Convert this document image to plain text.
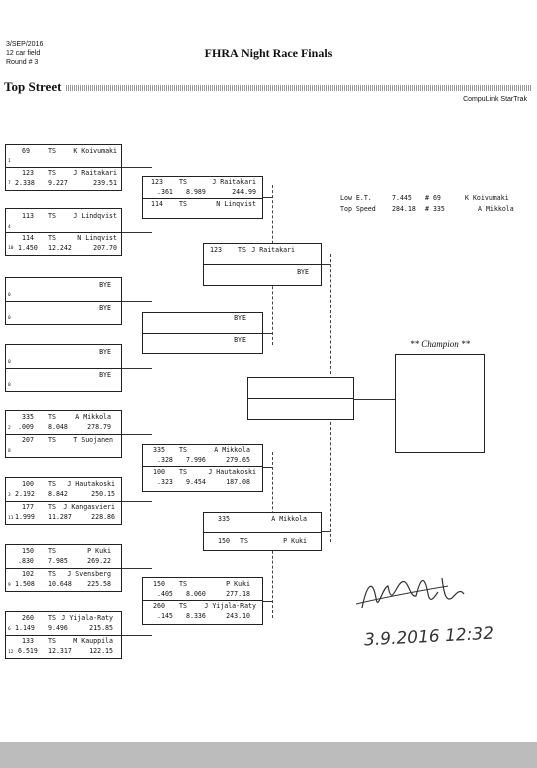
3/SEP/2016
12 car field
Round # 3
FHRA Night Race Finals
Top Street
CompuLink StarTrak
Low E.T.	7.445 # 69	K Koivumaki
Top Speed 284.18 # 335	A Mikkola
1
69	TS	K Koivumaki
7
123 TS	J Raitakari
2.338 9.227	239.51
4
113 TS	J Lindqvist
10
114 TS	N Linqvist
1.450 12.242	207.70
0
BYE
0
BYE
0
BYE
0
BYE
2
335 TS	A Mikkola
.009 8.048	278.79
8
207 TS	T Suojanen
3
100 TS J Hautakoski
2.192 8.842	250.15
11
177 TS J Kangasvieri
1.999 11.287	228.86
150 TS	P Kuki
.830 7.985	269.22
9
102 TS J Svensberg
1.508 10.648 225.58
6
260 TS J Yijala-Raty
1.149 9.496	215.85
12
133 TS	M Kauppila
6.519 12.317	122.15
123 TS	J Raitakari
.361 8.989	244.99
114 TS	N Linqvist
BYE
BYE
335 TS	A Mikkola
.328 7.996	279.65
100 TS	J Hautakoski
.323 9.454	187.08
150 TS	P Kuki
.405 8.060	277.18
260 TS	J Yijala-Raty
.145 8.336	243.10
123 TS J Raitakari
BYE
335	A Mikkola
150 TS	P Kuki
** Champion **
3.9.2016 12:32
